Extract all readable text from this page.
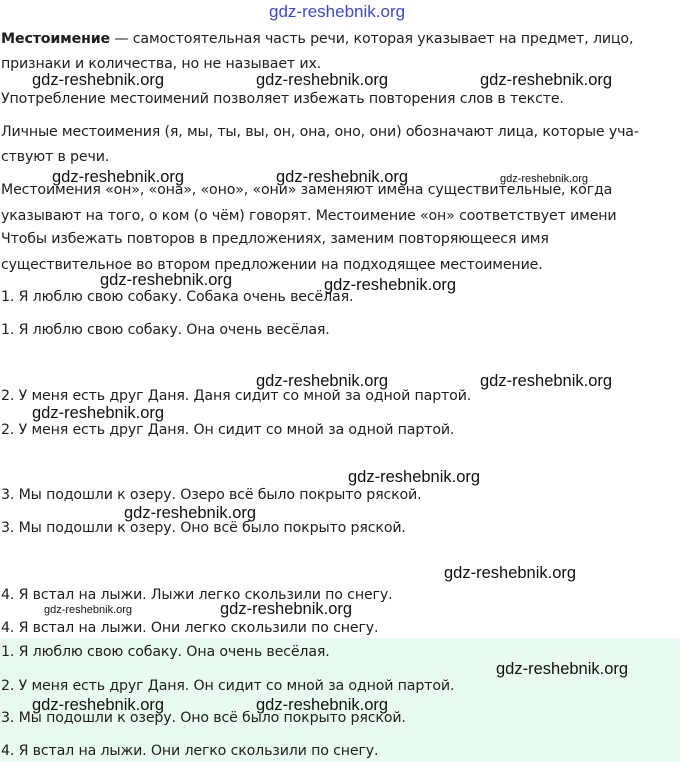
Местоимение — самостоятельная часть речи, которая указывает на предмет, лицо,
признаки и количества, но не называет их.
Употребление местоимений позволяет избежать повторения слов в тексте.
Личные местоимения (я, мы, ты, вы, он, она, оно, они) обозначают лица, которые уча-
ствуют в речи.
Местоимения «он», «она», «оно», «они» заменяют имена существительные, когда
указывают на того, о ком (о чём) говорят. Местоимение «он» соответствует имени
Чтобы избежать повторов в предложениях, заменим повторяющееся имя
существительное во втором предложении на подходящее местоимение.
1. Я люблю свою собаку. Собака очень весёлая.
1. Я люблю свою собаку. Она очень весёлая.
2. У меня есть друг Даня. Даня сидит со мной за одной партой.
2. У меня есть друг Даня. Он сидит со мной за одной партой.
3. Мы подошли к озеру. Озеро всё было покрыто ряской.
3. Мы подошли к озеру. Оно всё было покрыто ряской.
4. Я встал на лыжи. Лыжи легко скользили по снегу.
4. Я встал на лыжи. Они легко скользили по снегу.
1. Я люблю свою собаку. Она очень весёлая.
2. У меня есть друг Даня. Он сидит со мной за одной партой.
3. Мы подошли к озеру. Оно всё было покрыто ряской.
4. Я встал на лыжи. Они легко скользили по снегу.
gdz-reshebnik.org
gdz-reshebnik.org	gdz-reshebnik.org	gdz-reshebnik.org
gdz-reshebnik.org	gdz-reshebnik.org	gdz-reshebnik.org
gdz-reshebnik.org	gdz-reshebnik.org
gdz-reshebnik.org	gdz-reshebnik.org
gdz-reshebnik.org
gdz-reshebnik.org
gdz-reshebnik.org
gdz-reshebnik.org
gdz-reshebnik.org	gdz-reshebnik.org
gdz-reshebnik.org
gdz-reshebnik.org	gdz-reshebnik.org
